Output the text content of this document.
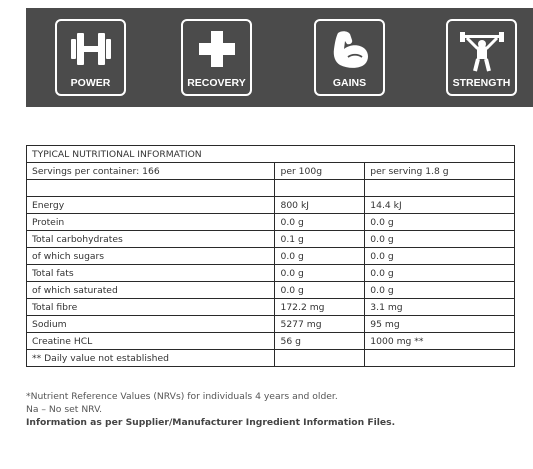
POWER	RECOVERY	GAINS	STRENGTH
TYPICAL NUTRITIONAL INFORMATION		
Servings per container: 166	per 100g	per serving 1.8 g

Energy	800 kJ	14.4 kJ
Protein	0.0 g	0.0 g
Total carbohydrates	0.1 g	0.0 g
of which sugars	0.0 g	0.0 g
Total fats	0.0 g	0.0 g
of which saturated	0.0 g	0.0 g
Total fibre	172.2 mg	3.1 mg
Sodium	5277 mg	95 mg
Creatine HCL	56 g	1000 mg **
** Daily value not established		
*Nutrient Reference Values (NRVs) for individuals 4 years and older.
Na – No set NRV.
Information as per Supplier/Manufacturer Ingredient Information Files.
